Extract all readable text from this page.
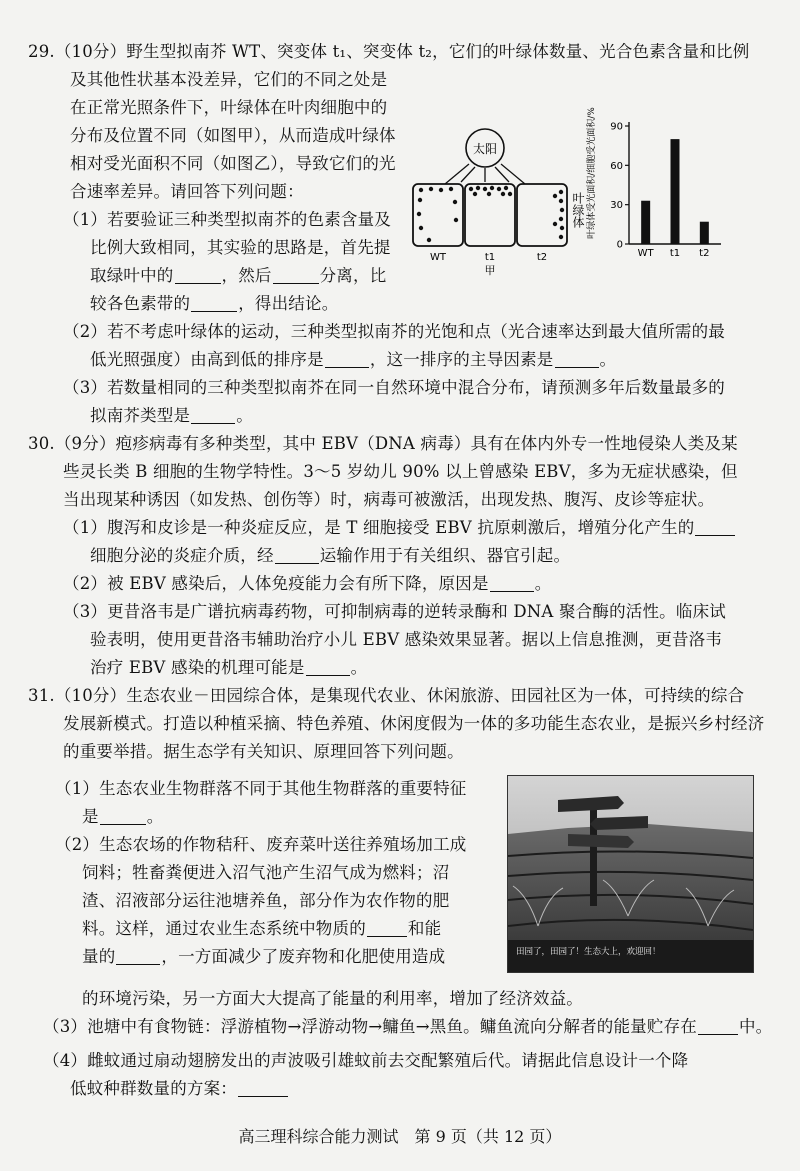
29.（10分）野生型拟南芥 WT、突变体 t₁、突变体 t₂，它们的叶绿体数量、光合色素含量和比例
及其他性状基本没差异，它们的不同之处是
在正常光照条件下，叶绿体在叶肉细胞中的
分布及位置不同（如图甲），从而造成叶绿体
相对受光面积不同（如图乙），导致它们的光
合速率差异。请回答下列问题：
（1）若要验证三种类型拟南芥的色素含量及
比例大致相同，其实验的思路是，首先提
取绿叶中的	，然后	分离，比
较各色素带的	，得出结论。
（2）若不考虑叶绿体的运动，三种类型拟南芥的光饱和点（光合速率达到最大值所需的最
低光照强度）由高到低的排序是	，这一排序的主导因素是	。
（3）若数量相同的三种类型拟南芥在同一自然环境中混合分布，请预测多年后数量最多的
拟南芥类型是	。
太阳
WT	t1	t2
甲
叶绿体 叶绿体受光面积/细胞受光面积/%
0
30
60
90
WT t1 t2
30.（9分）疱疹病毒有多种类型，其中 EBV（DNA 病毒）具有在体内外专一性地侵染人类及某
些灵长类 B 细胞的生物学特性。3～5 岁幼儿 90% 以上曾感染 EBV，多为无症状感染，但
当出现某种诱因（如发热、创伤等）时，病毒可被激活，出现发热、腹泻、皮诊等症状。
（1）腹泻和皮诊是一种炎症反应，是 T 细胞接受 EBV 抗原刺激后，增殖分化产生的
细胞分泌的炎症介质，经	运输作用于有关组织、器官引起。
（2）被 EBV 感染后，人体免疫能力会有所下降，原因是	。
（3）更昔洛韦是广谱抗病毒药物，可抑制病毒的逆转录酶和 DNA 聚合酶的活性。临床试
验表明，使用更昔洛韦辅助治疗小儿 EBV 感染效果显著。据以上信息推测，更昔洛韦
治疗 EBV 感染的机理可能是	。
31.（10分）生态农业－田园综合体，是集现代农业、休闲旅游、田园社区为一体，可持续的综合
发展新模式。打造以种植采摘、特色养殖、休闲度假为一体的多功能生态农业，是振兴乡村经济
的重要举措。据生态学有关知识、原理回答下列问题。
（1）生态农业生物群落不同于其他生物群落的重要特征
是	。
（2）生态农场的作物秸秆、废弃菜叶送往养殖场加工成
饲料；牲畜粪便进入沼气池产生沼气成为燃料；沼
渣、沼液部分运往池塘养鱼，部分作为农作物的肥
料。这样，通过农业生态系统中物质的	和能
量的	，一方面减少了废弃物和化肥使用造成
的环境污染，另一方面大大提高了能量的利用率，增加了经济效益。
（3）池塘中有食物链：浮游植物→浮游动物→鳙鱼→黑鱼。鳙鱼流向分解者的能量贮存在	中。
（4）雌蚊通过扇动翅膀发出的声波吸引雄蚊前去交配繁殖后代。请据此信息设计一个降
低蚊种群数量的方案：
田园了，田园了！生态大上，欢迎回！
高三理科综合能力测试　第 9 页（共 12 页）
